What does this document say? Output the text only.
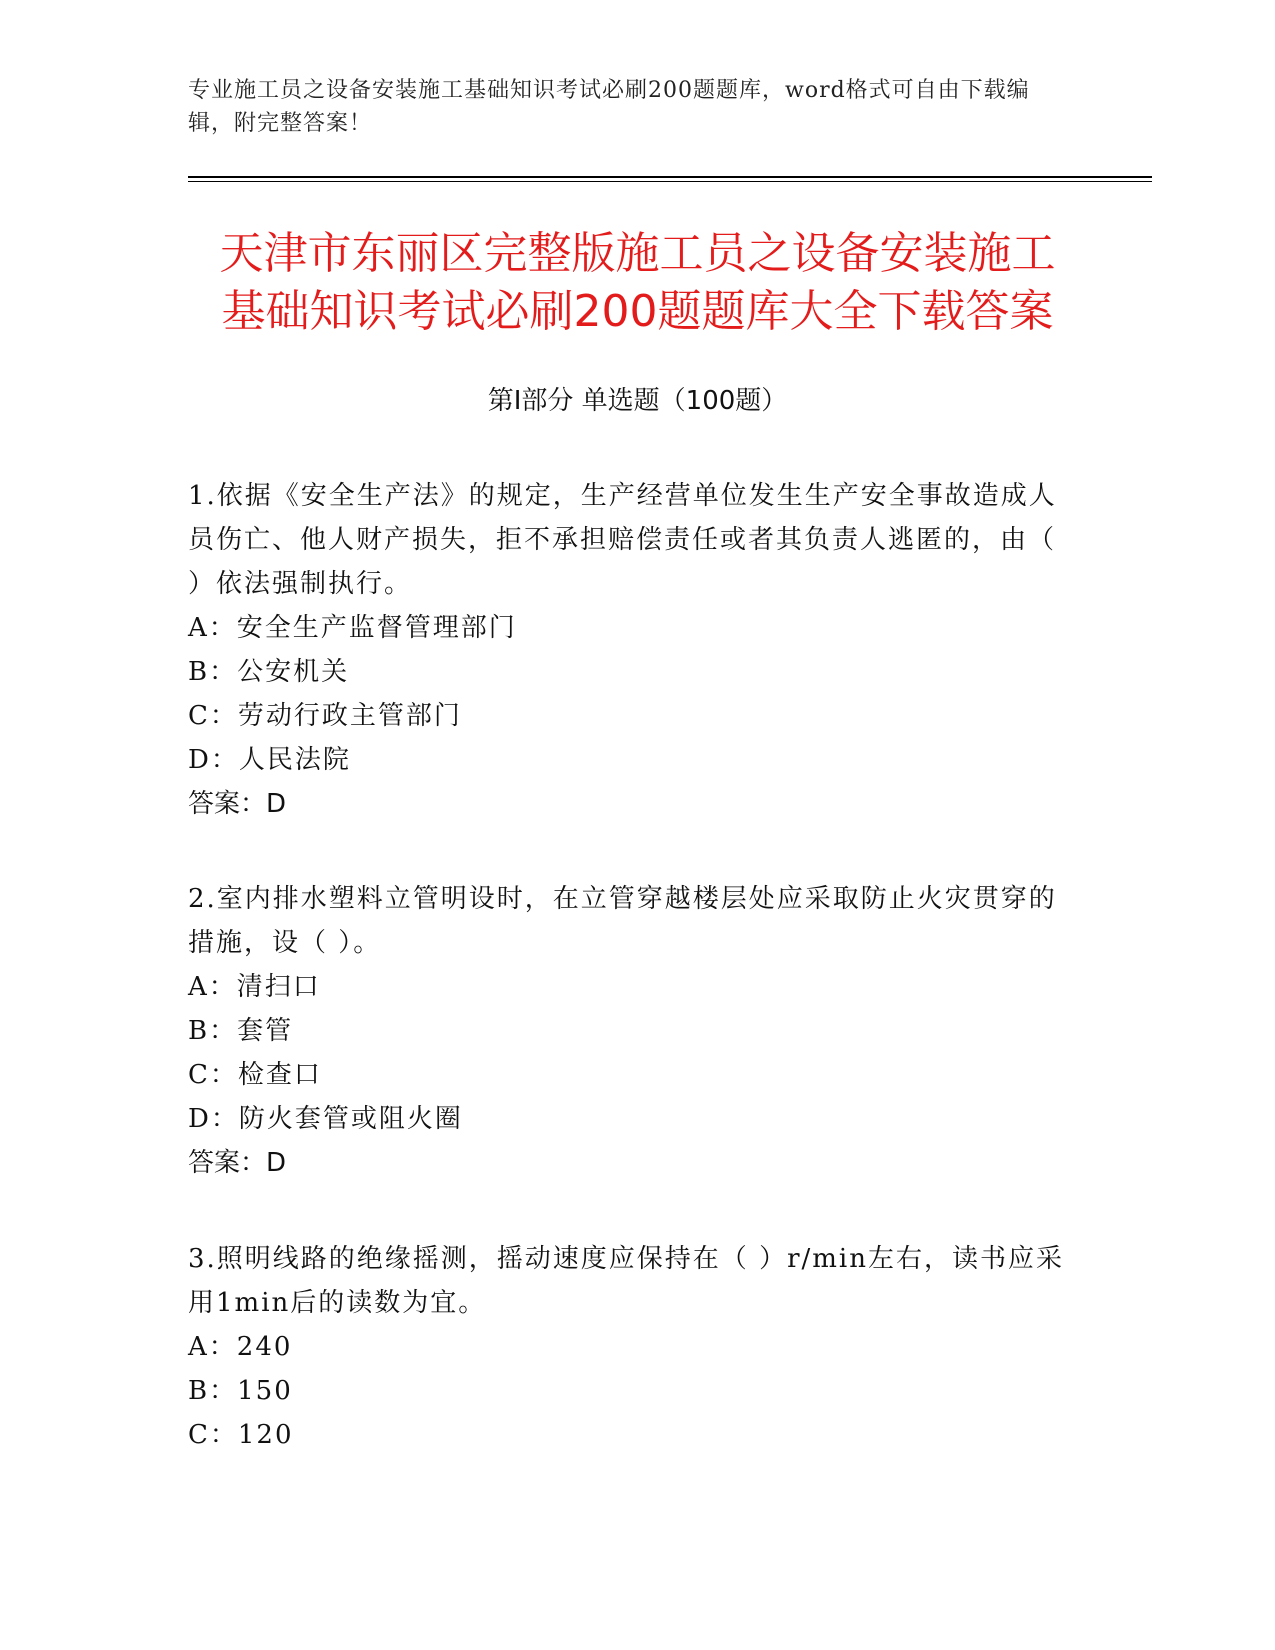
专业施工员之设备安装施工基础知识考试必刷200题题库，word格式可自由下载编辑，附完整答案！
天津市东丽区完整版施工员之设备安装施工
基础知识考试必刷200题题库大全下载答案
第Ⅰ部分 单选题（100题）

1.依据《安全生产法》的规定，生产经营单位发生生产安全事故造成人员伤亡、他人财产损失，拒不承担赔偿责任或者其负责人逃匿的，由（ ）依法强制执行。

A：安全生产监督管理部门

B：公安机关

C：劳动行政主管部门

D：人民法院

答案：D

2.室内排水塑料立管明设时，在立管穿越楼层处应采取防止火灾贯穿的措施，设（ ）。

A：清扫口

B：套管

C：检查口

D：防火套管或阻火圈

答案：D

3.照明线路的绝缘摇测，摇动速度应保持在（ ）r/min左右，读书应采用1min后的读数为宜。

A：240

B：150

C：120
